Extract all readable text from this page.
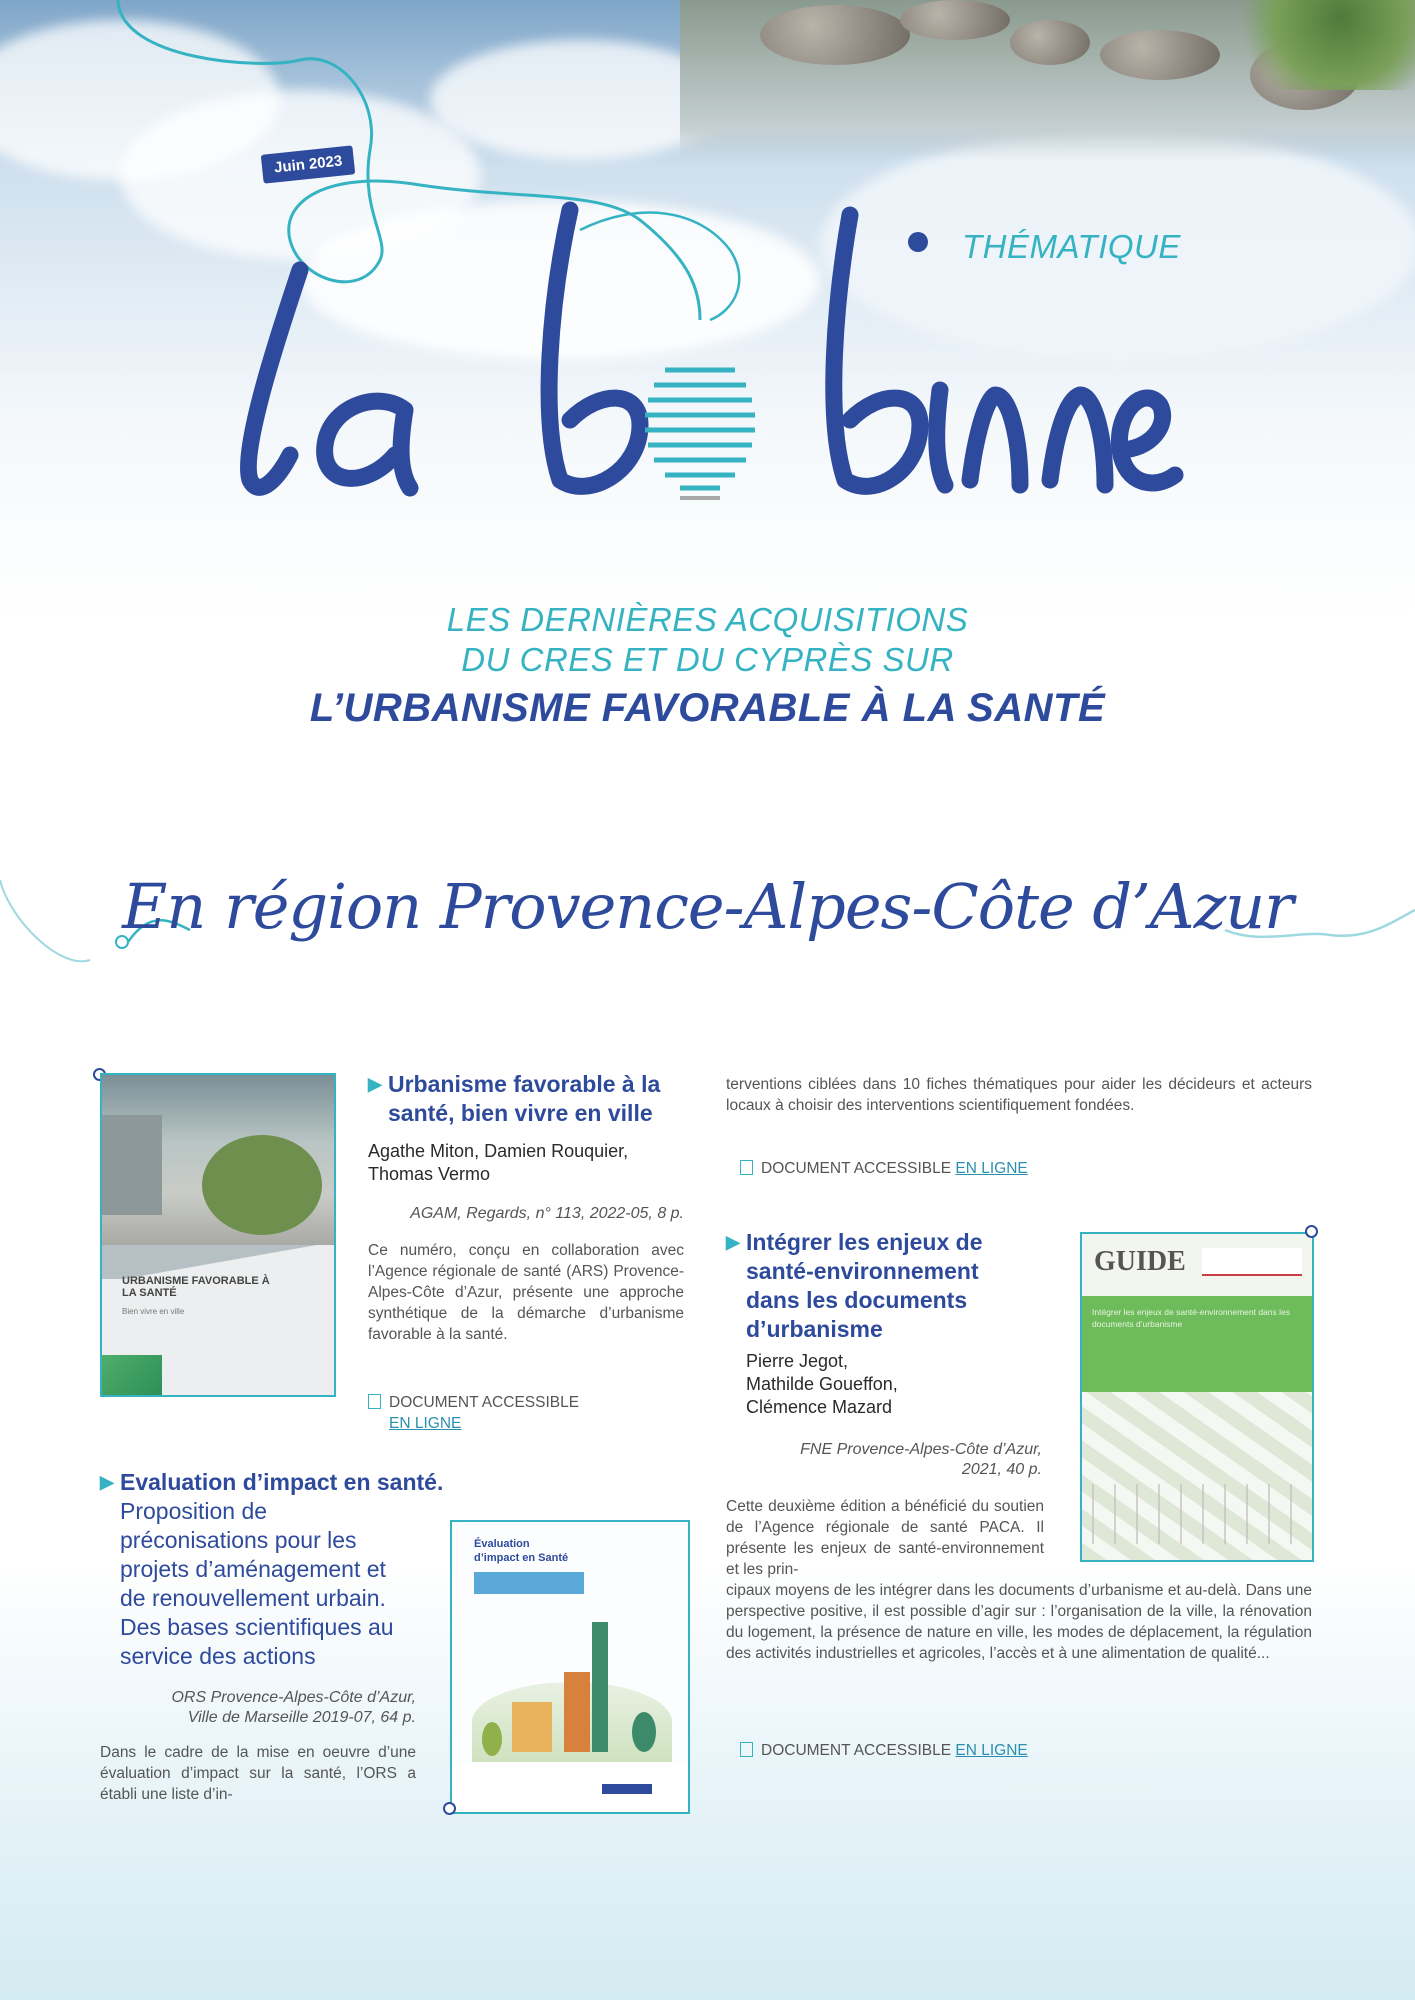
Juin 2023
THÉMATIQUE
LES DERNIÈRES ACQUISITIONS
DU CRES ET DU CYPRÈS SUR
L’URBANISME FAVORABLE À LA SANTÉ
En région Provence-Alpes-Côte d’Azur
URBANISME FAVORABLE À LA SANTÉ
Bien vivre en ville
▶ Urbanisme favorable à la
santé, bien vivre en ville
Agathe Miton, Damien Rouquier,
Thomas Vermo
AGAM, Regards, n° 113, 2022-05, 8 p.
Ce numéro, conçu en collaboration avec l’Agence régionale de santé (ARS) Provence-Alpes-Côte d’Azur, présente une approche synthétique de la démarche d’urbanisme favorable à la santé.
DOCUMENT ACCESSIBLE
EN LIGNE
▶ Evaluation d’impact en santé.
Proposition de
préconisations pour les
projets d’aménagement et
de renouvellement urbain.
Des bases scientifiques au
service des actions
ORS Provence-Alpes-Côte d’Azur,
Ville de Marseille 2019-07, 64 p.
Dans le cadre de la mise en oeuvre d’une évaluation d’impact sur la santé, l’ORS a établi une liste d’in-
Évaluation
d’impact en Santé
terventions ciblées dans 10 fiches thématiques pour aider les décideurs et acteurs locaux à choisir des interventions scientifiquement fondées.
DOCUMENT ACCESSIBLE EN LIGNE
▶ Intégrer les enjeux de
santé-environnement
dans les documents
d’urbanisme
Pierre Jegot,
Mathilde Goueffon,
Clémence Mazard
FNE Provence-Alpes-Côte d’Azur,
2021, 40 p.
Cette deuxième édition a bénéficié du soutien de l’Agence régionale de santé PACA. Il présente les enjeux de santé-environnement et les prin-
cipaux moyens de les intégrer dans les documents d’urbanisme et au-delà. Dans une perspective positive, il est possible d’agir sur : l’organisation de la ville, la rénovation du logement, la présence de nature en ville, les modes de déplacement, la régulation des activités industrielles et agricoles, l’accès et à une alimentation de qualité...
DOCUMENT ACCESSIBLE EN LIGNE
GUIDE
Intégrer les enjeux de santé-environnement dans les documents d’urbanisme
